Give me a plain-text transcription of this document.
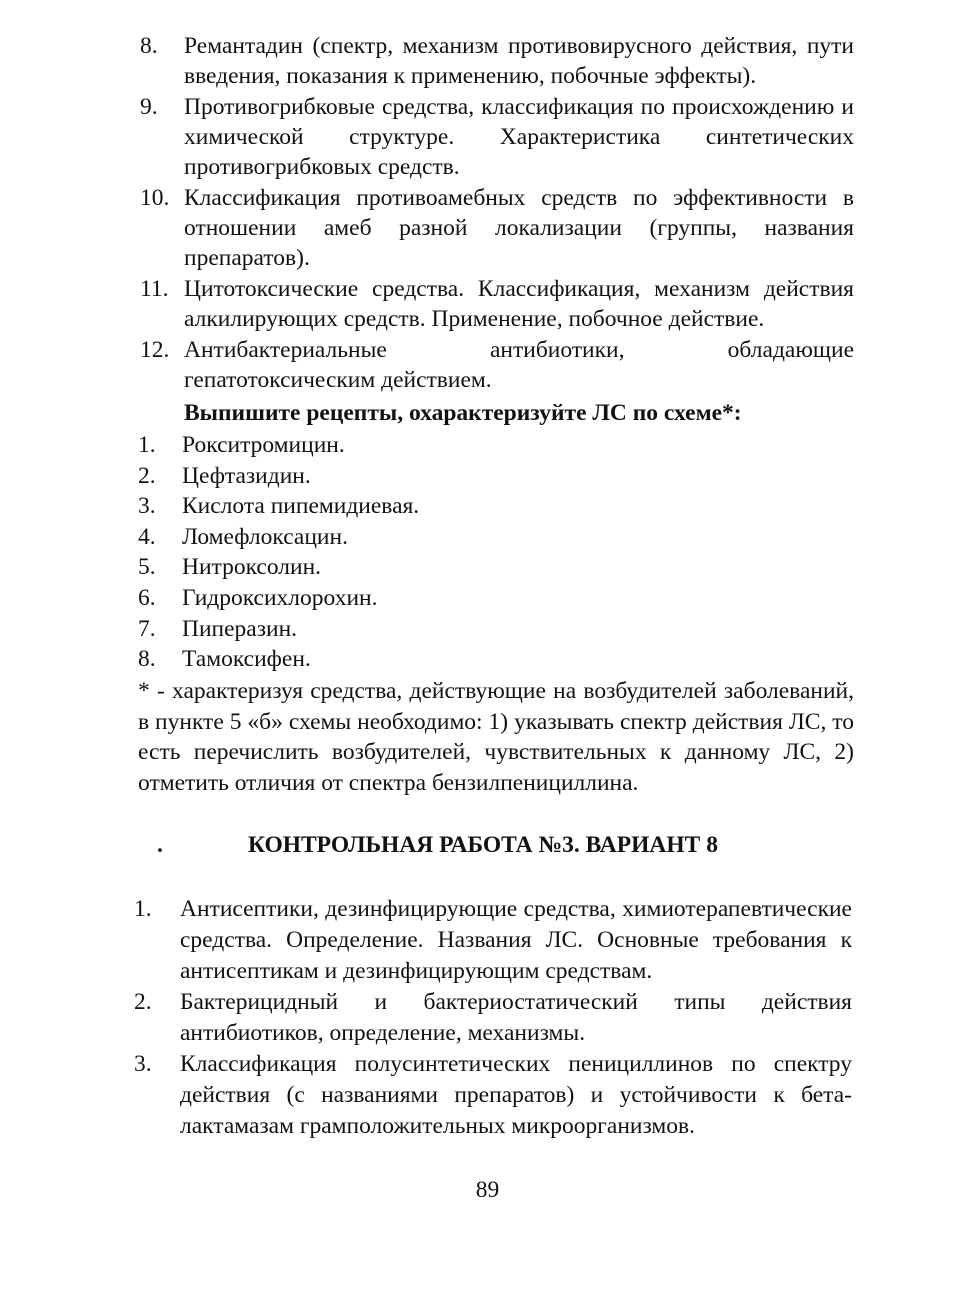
8. Ремантадин (спектр, механизм противовирусного действия, пути введения, показания к применению, побочные эффекты).
9. Противогрибковые средства, классификация по происхождению и химической структуре. Характеристика синтетических противогрибковых средств.
10. Классификация противоамебных средств по эффективности в отношении амеб разной локализации (группы, названия препаратов).
11. Цитотоксические средства. Классификация, механизм действия алкилирующих средств. Применение, побочное действие.
12. Антибактериальные антибиотики, обладающие гепатотоксическим действием.
Выпишите рецепты, охарактеризуйте ЛС по схеме*:
1. Рокситромицин.
2. Цефтазидин.
3. Кислота пипемидиевая.
4. Ломефлоксацин.
5. Нитроксолин.
6. Гидроксихлорохин.
7. Пиперазин.
8. Тамоксифен.
* - характеризуя средства, действующие на возбудителей заболеваний, в пункте 5 «б» схемы необходимо: 1) указывать спектр действия ЛС, то есть перечислить возбудителей, чувствительных к данному ЛС, 2) отметить отличия от спектра бензилпенициллина.
.	КОНТРОЛЬНАЯ РАБОТА №3. ВАРИАНТ 8
1. Антисептики, дезинфицирующие средства, химиотерапевтические средства. Определение. Названия ЛС. Основные требования к антисептикам и дезинфицирующим средствам.
2. Бактерицидный и бактериостатический типы действия антибиотиков, определение, механизмы.
3. Классификация полусинтетических пенициллинов по спектру действия (с названиями препаратов) и устойчивости к бета-лактамазам грамположительных микроорганизмов.
89
